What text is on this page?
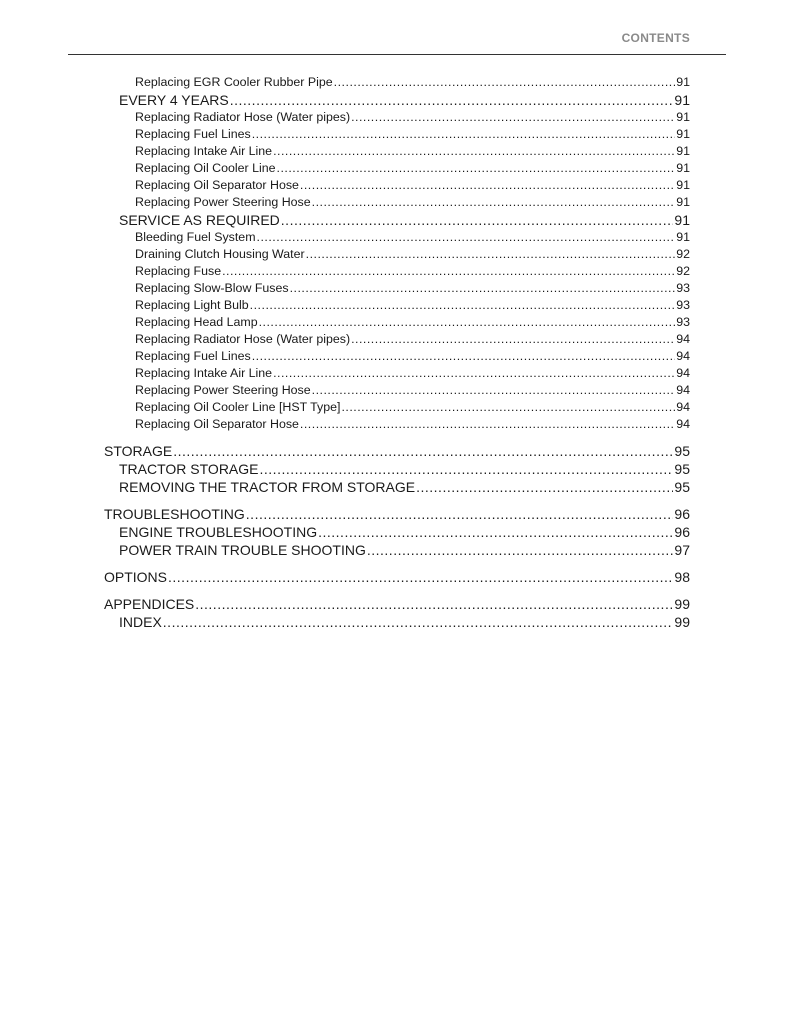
CONTENTS
Replacing EGR Cooler Rubber Pipe .....	91
EVERY 4 YEARS .....	91
Replacing Radiator Hose (Water pipes) .....	91
Replacing Fuel Lines .....	91
Replacing Intake Air Line .....	91
Replacing Oil Cooler Line .....	91
Replacing Oil Separator Hose .....	91
Replacing Power Steering Hose .....	91
SERVICE AS REQUIRED .....	91
Bleeding Fuel System .....	91
Draining Clutch Housing Water .....	92
Replacing Fuse .....	92
Replacing Slow-Blow Fuses .....	93
Replacing Light Bulb .....	93
Replacing Head Lamp .....	93
Replacing Radiator Hose (Water pipes) .....	94
Replacing Fuel Lines .....	94
Replacing Intake Air Line .....	94
Replacing Power Steering Hose .....	94
Replacing Oil Cooler Line [HST Type] .....	94
Replacing Oil Separator Hose .....	94
STORAGE .....	95
TRACTOR STORAGE .....	95
REMOVING THE TRACTOR FROM STORAGE .....	95
TROUBLESHOOTING .....	96
ENGINE TROUBLESHOOTING .....	96
POWER TRAIN TROUBLE SHOOTING .....	97
OPTIONS .....	98
APPENDICES .....	99
INDEX .....	99
